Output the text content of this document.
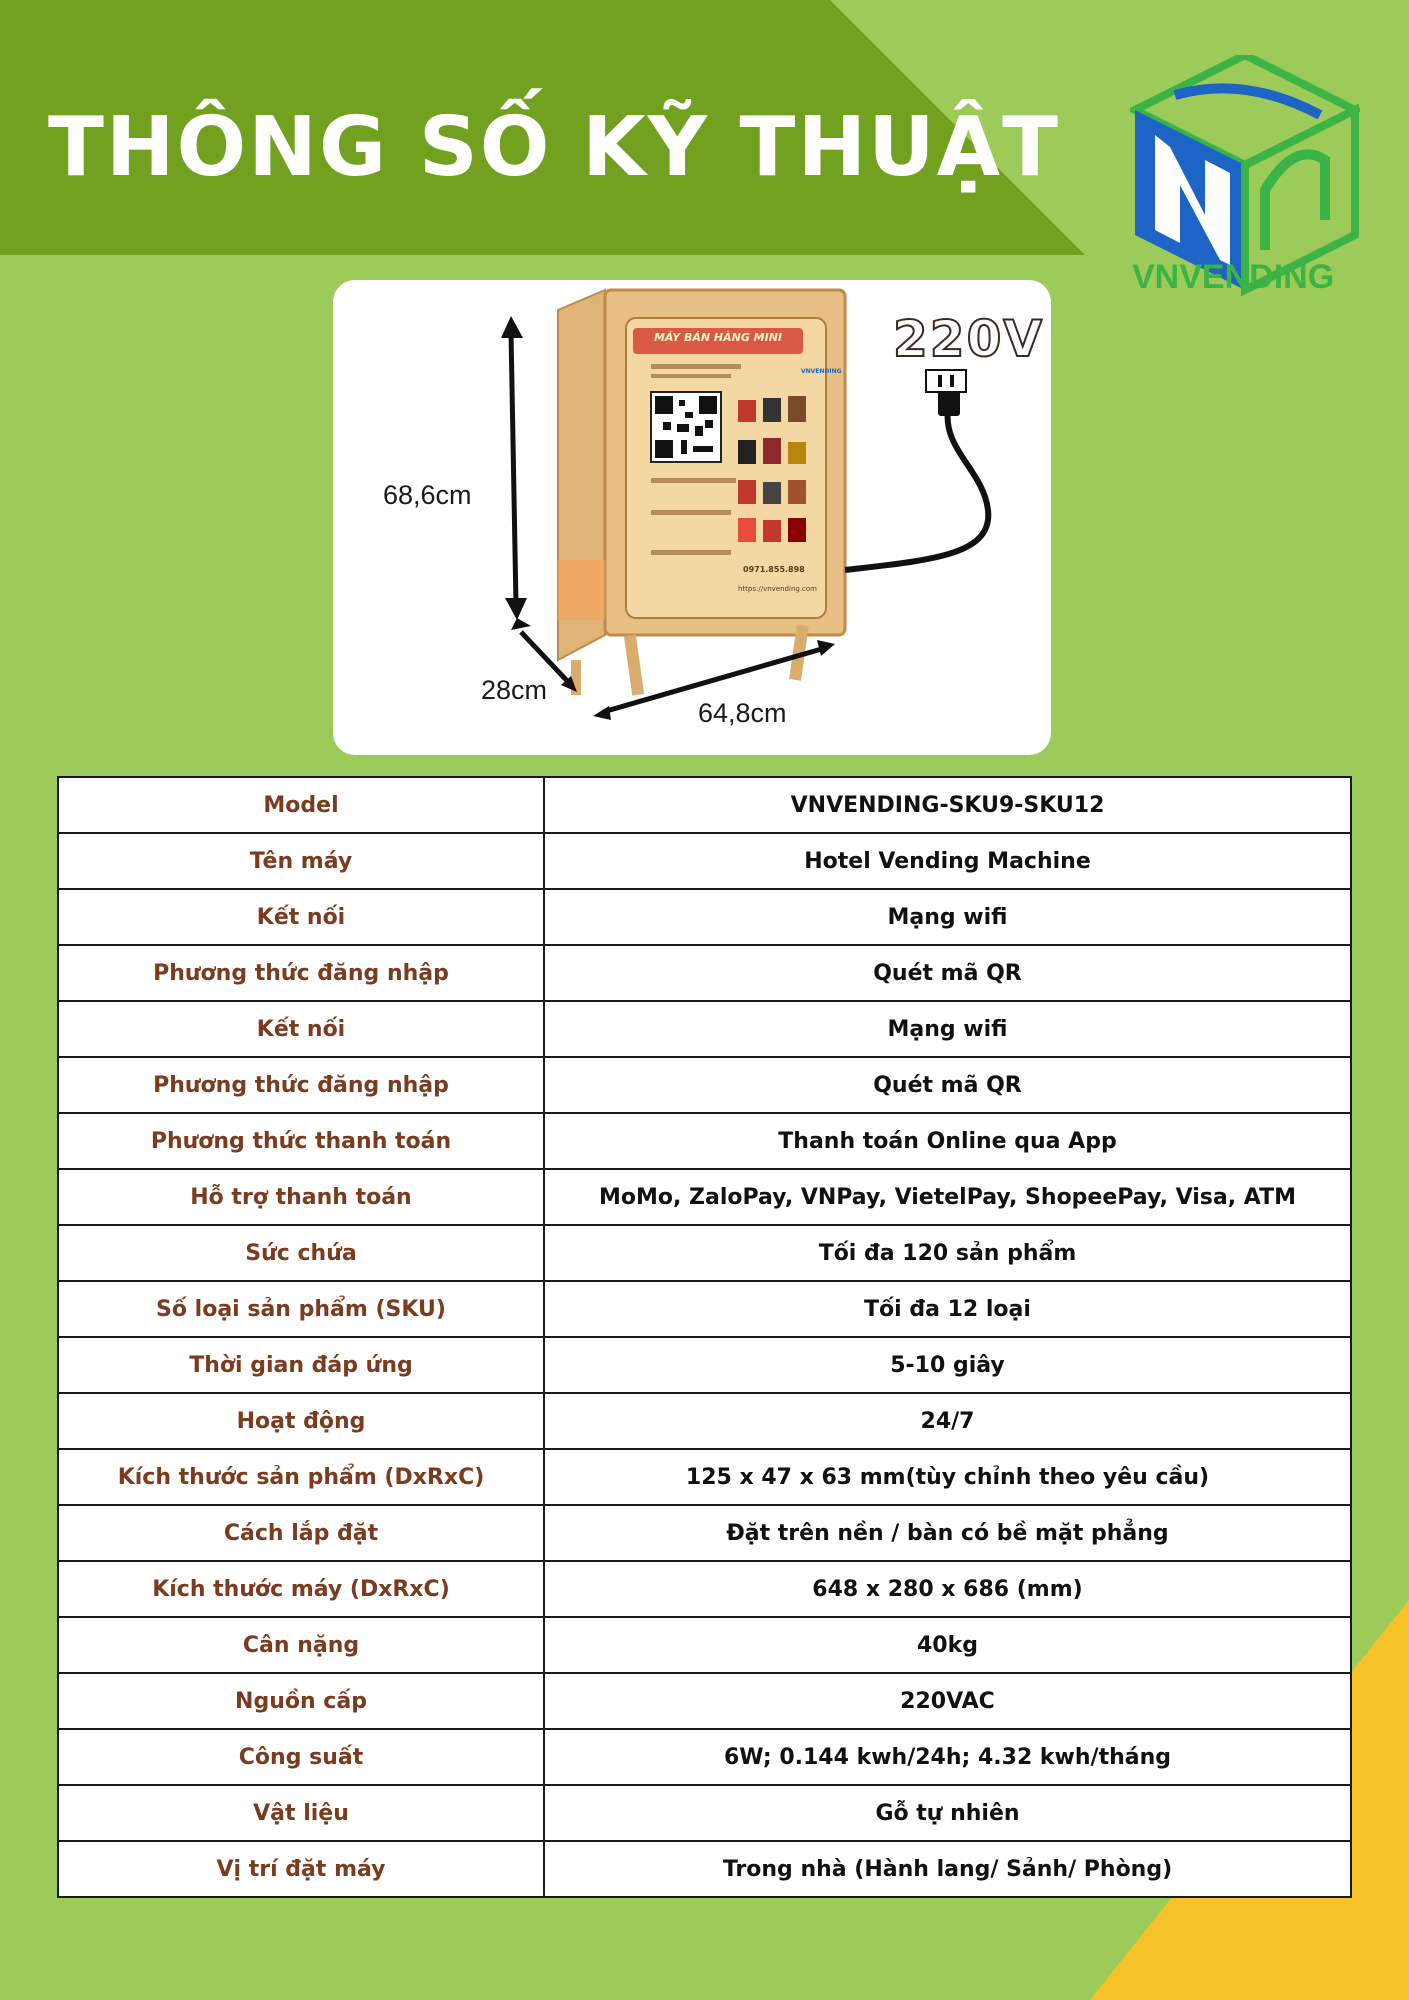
THÔNG SỐ KỸ THUẬT
VNVENDING
220V
68,6cm
28cm
64,8cm
MÁY BÁN HÀNG MINI
VNVENDING
0971.855.898
https://vnvending.com
Model	VNVENDING-SKU9-SKU12
Tên máy	Hotel Vending Machine
Kết nối	Mạng wifi
Phương thức đăng nhập	Quét mã QR
Kết nối	Mạng wifi
Phương thức đăng nhập	Quét mã QR
Phương thức thanh toán	Thanh toán Online qua App
Hỗ trợ thanh toán	MoMo, ZaloPay, VNPay, VietelPay, ShopeePay, Visa, ATM
Sức chứa	Tối đa 120 sản phẩm
Số loại sản phẩm (SKU)	Tối đa 12 loại
Thời gian đáp ứng	5-10 giây
Hoạt động	24/7
Kích thước sản phẩm (DxRxC)	125 x 47 x 63 mm(tùy chỉnh theo yêu cầu)
Cách lắp đặt	Đặt trên nền / bàn có bề mặt phẳng
Kích thước máy (DxRxC)	648 x 280 x 686 (mm)
Cân nặng	40kg
Nguồn cấp	220VAC
Công suất	6W; 0.144 kwh/24h; 4.32 kwh/tháng
Vật liệu	Gỗ tự nhiên
Vị trí đặt máy	Trong nhà (Hành lang/ Sảnh/ Phòng)
